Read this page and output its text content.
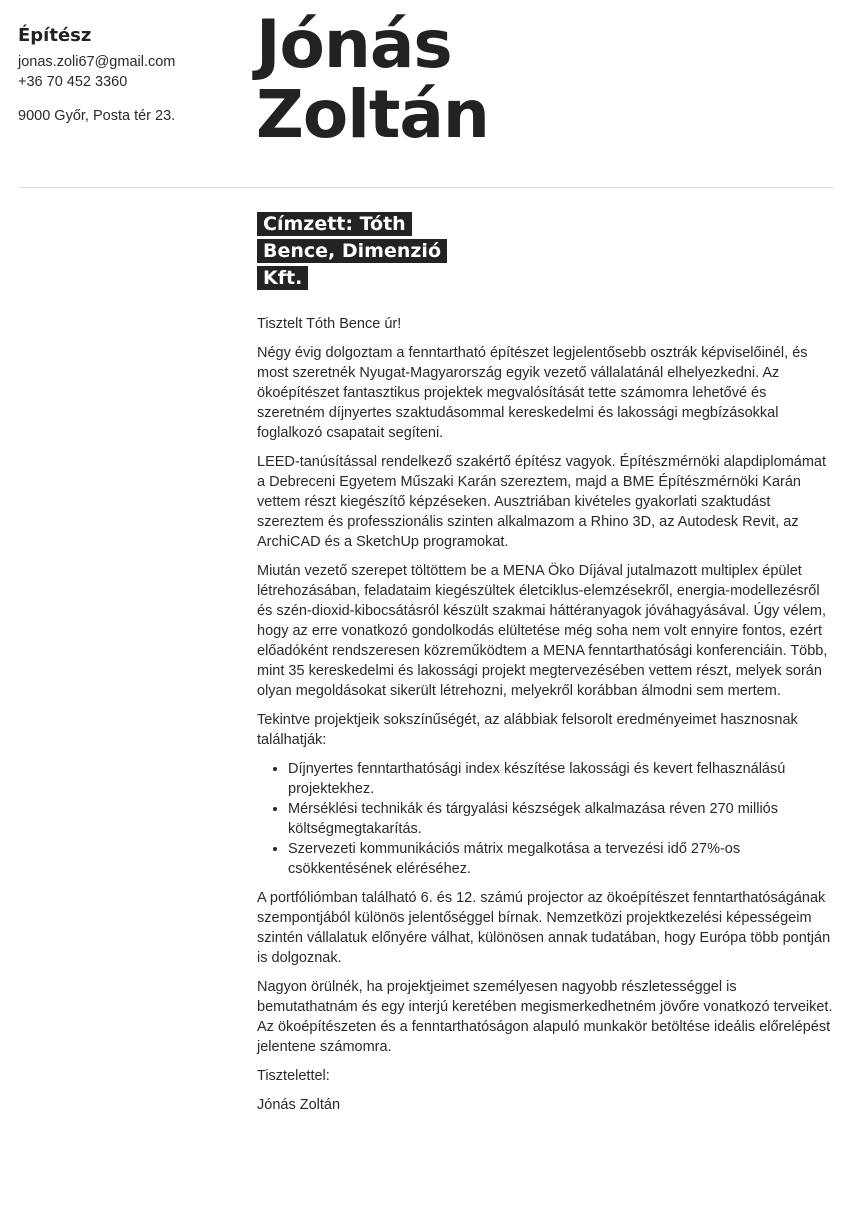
Építész
jonas.zoli67@gmail.com
+36 70 452 3360
9000 Győr, Posta tér 23.
Jónás
Zoltán
Címzett: Tóth Bence, Dimenzió Kft.

Tisztelt Tóth Bence úr!

Négy évig dolgoztam a fenntartható építészet legjelentősebb osztrák képviselőinél, és most szeretnék Nyugat-Magyarország egyik vezető vállalatánál elhelyezkedni. Az ökoépítészet fantasztikus projektek megvalósítását tette számomra lehetővé és szeretném díjnyertes szaktudásommal kereskedelmi és lakossági megbízásokkal foglalkozó csapatait segíteni.

LEED-tanúsítással rendelkező szakértő építész vagyok. Építészmérnöki alapdiplomámat a Debreceni Egyetem Műszaki Karán szereztem, majd a BME Építészmérnöki Karán vettem részt kiegészítő képzéseken. Ausztriában kivételes gyakorlati szaktudást szereztem és professzionális szinten alkalmazom a Rhino 3D, az Autodesk Revit, az ArchiCAD és a SketchUp programokat.

Miután vezető szerepet töltöttem be a MENA Öko Díjával jutalmazott multiplex épület létrehozásában, feladataim kiegészültek életciklus-elemzésekről, energia-modellezésről és szén-dioxid-kibocsátásról készült szakmai háttéranyagok jóváhagyásával. Úgy vélem, hogy az erre vonatkozó gondolkodás elültetése még soha nem volt ennyire fontos, ezért előadóként rendszeresen közreműködtem a MENA fenntarthatósági konferenciáin. Több, mint 35 kereskedelmi és lakossági projekt megtervezésében vettem részt, melyek során olyan megoldásokat sikerült létrehozni, melyekről korábban álmodni sem mertem.

Tekintve projektjeik sokszínűségét, az alábbiak felsorolt eredményeimet hasznosnak találhatják:

• Díjnyertes fenntarthatósági index készítése lakossági és kevert felhasználású projektekhez.
• Mérséklési technikák és tárgyalási készségek alkalmazása réven 270 milliós költségmegtakarítás.
• Szervezeti kommunikációs mátrix megalkotása a tervezési idő 27%-os csökkentésének eléréséhez.

A portfóliómban található 6. és 12. számú projector az ökoépítészet fenntarthatóságának szempontjából különös jelentőséggel bírnak. Nemzetközi projektkezelési képességeim szintén vállalatuk előnyére válhat, különösen annak tudatában, hogy Európa több pontján is dolgoznak.

Nagyon örülnék, ha projektjeimet személyesen nagyobb részletességgel is bemutathatnám és egy interjú keretében megismerkedhetném jövőre vonatkozó terveiket. Az ökoépítészeten és a fenntarthatóságon alapuló munkakör betöltése ideális előrelépést jelentene számomra.

Tisztelettel:

Jónás Zoltán
